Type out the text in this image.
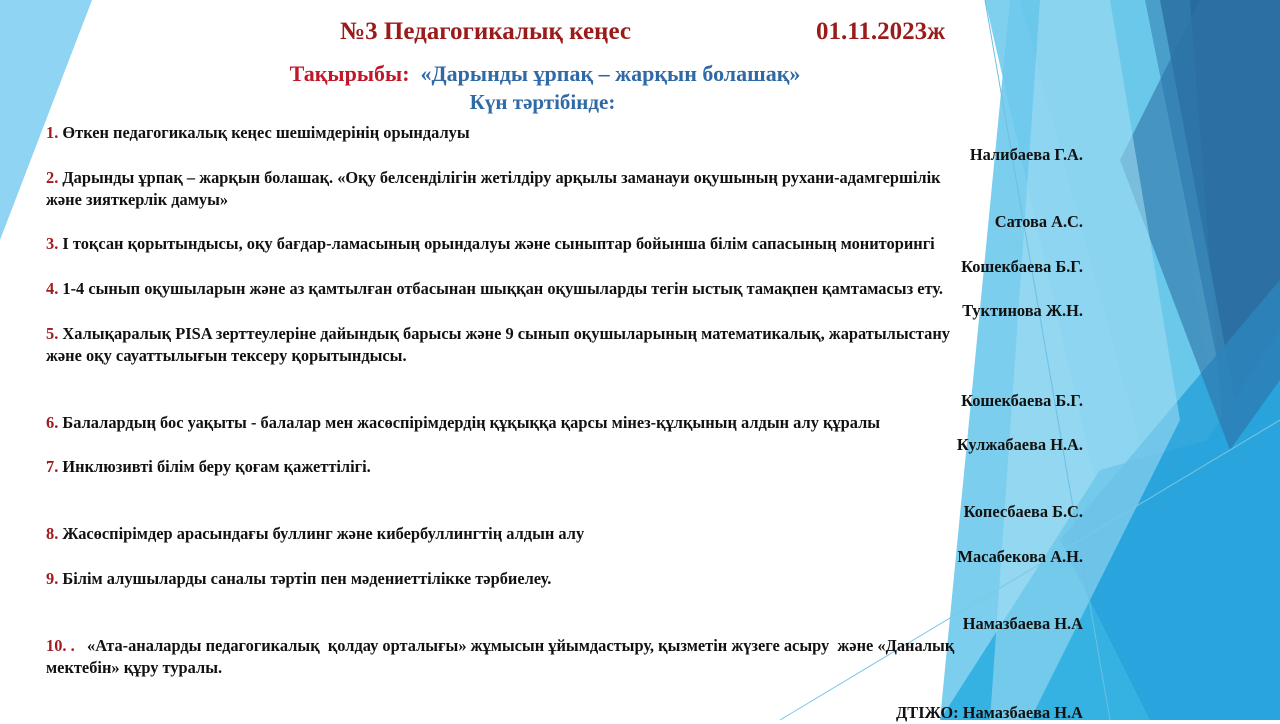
№3 Педагогикалық кеңес	01.11.2023ж
Тақырыбы: «Дарынды ұрпақ – жарқын болашақ»
Күн тәртібінде:
1. Өткен педагогикалық кеңес шешімдерінің орындалуы
Налибаева Г.А.
2. Дарынды ұрпақ – жарқын болашақ. «Оқу белсенділігін жетілдіру арқылы заманауи оқушының рухани-адамгершілік
және зияткерлік дамуы»
Сатова А.С.
3. І тоқсан қорытындысы, оқу бағдар-ламасының орындалуы және сыныптар бойынша білім сапасының мониторингі
Кошекбаева Б.Г.
4. 1-4 сынып оқушыларын және аз қамтылған отбасынан шыққан оқушыларды тегін ыстық тамақпен қамтамасыз ету.
Туктинова Ж.Н.
5. Халықаралық PISA зерттеулеріне дайындық барысы және 9 сынып оқушыларының математикалық, жаратылыстану
және оқу сауаттылығын тексеру қорытындысы.
Кошекбаева Б.Г.
6. Балалардың бос уақыты - балалар мен жасөспірімдердің құқыққа қарсы мінез-құлқының алдын алу құралы
Кулжабаева Н.А.
7. Инклюзивті білім беру қоғам қажеттілігі.
Копесбаева Б.С.
8. Жасөспірімдер арасындағы буллинг және кибербуллингтің алдын алу
Масабекова А.Н.
9. Білім алушыларды саналы тәртіп пен мәдениеттілікке тәрбиелеу.
Намазбаева Н.А
10. .   «Ата-аналарды педагогикалық  қолдау орталығы» жұмысын ұйымдастыру, қызметін жүзеге асыру  және «Даналық
мектебін» құру туралы.
ДТІЖО: Намазбаева Н.А
